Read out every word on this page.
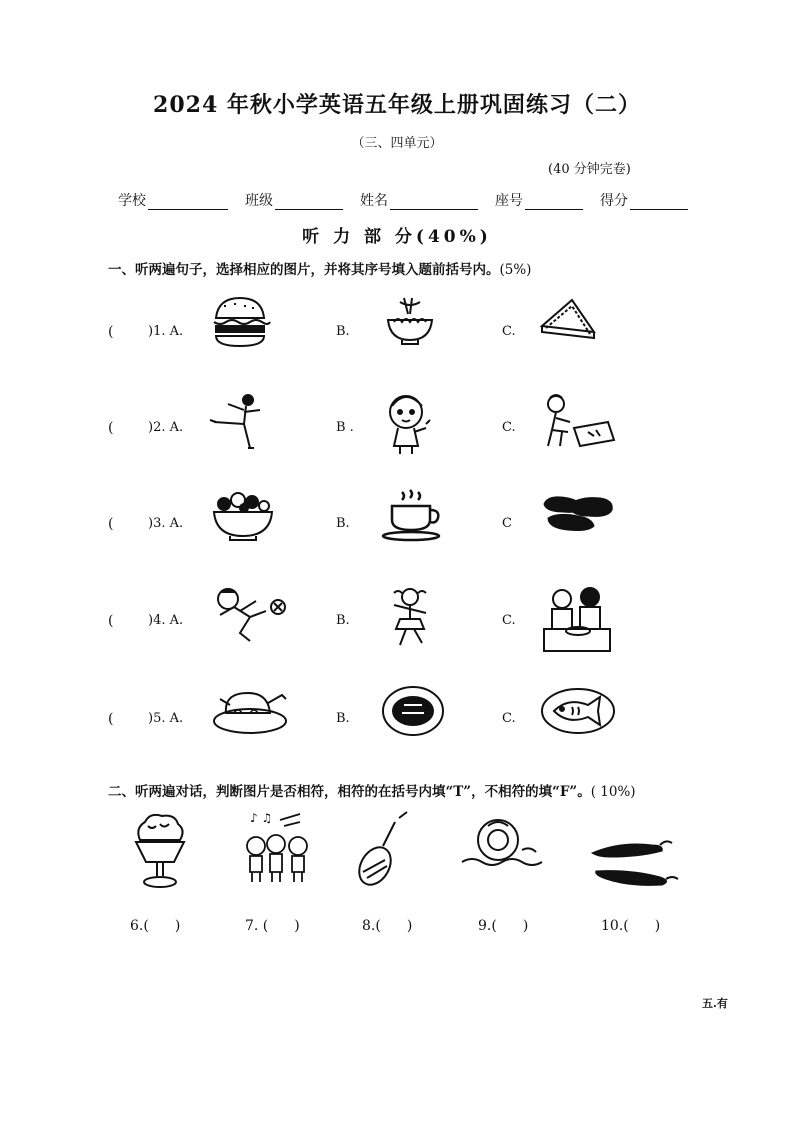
2024 年秋小学英语五年级上册巩固练习（二）
（三、四单元）
(40 分钟完卷)
学校	班级	姓名	座号	得分
听 力 部 分(40%)
一、听两遍句子，选择相应的图片，并将其序号填入题前括号内。(5%)
(	)1. A.	B.	C.
(	)2. A.	B .	C.
(	)3. A.	B.	C
(	)4. A.	B.	C.
(	)5. A.	B.	C.
二、听两遍对话，判断图片是否相符，相符的在括号内填“T”，不相符的填“F”。( 10%)
♪ ♫
6.( )	7. ( )	8.( )	9.( )	10.( )
五.有
